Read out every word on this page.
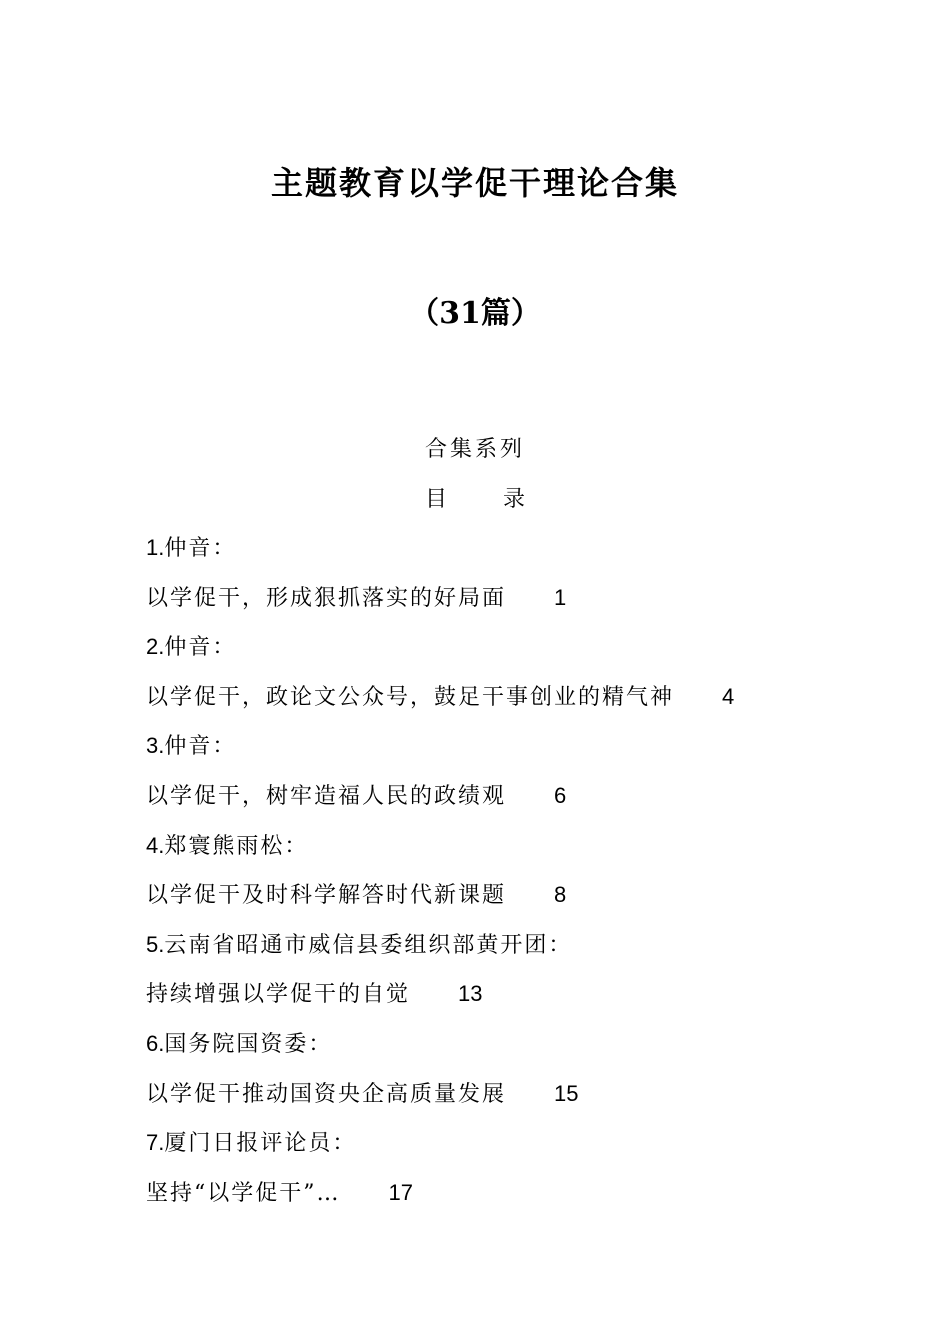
主题教育以学促干理论合集
（31篇）
合集系列
目	录
1.仲音：
以学促干，形成狠抓落实的好局面 1
2.仲音：
以学促干，政论文公众号，鼓足干事创业的精气神 4
3.仲音：
以学促干，树牢造福人民的政绩观 6
4.郑寰熊雨松：
以学促干及时科学解答时代新课题 8
5.云南省昭通市威信县委组织部黄开团：
持续增强以学促干的自觉 13
6.国务院国资委：
以学促干推动国资央企高质量发展 15
7.厦门日报评论员：
坚持“以学促干”… 17
